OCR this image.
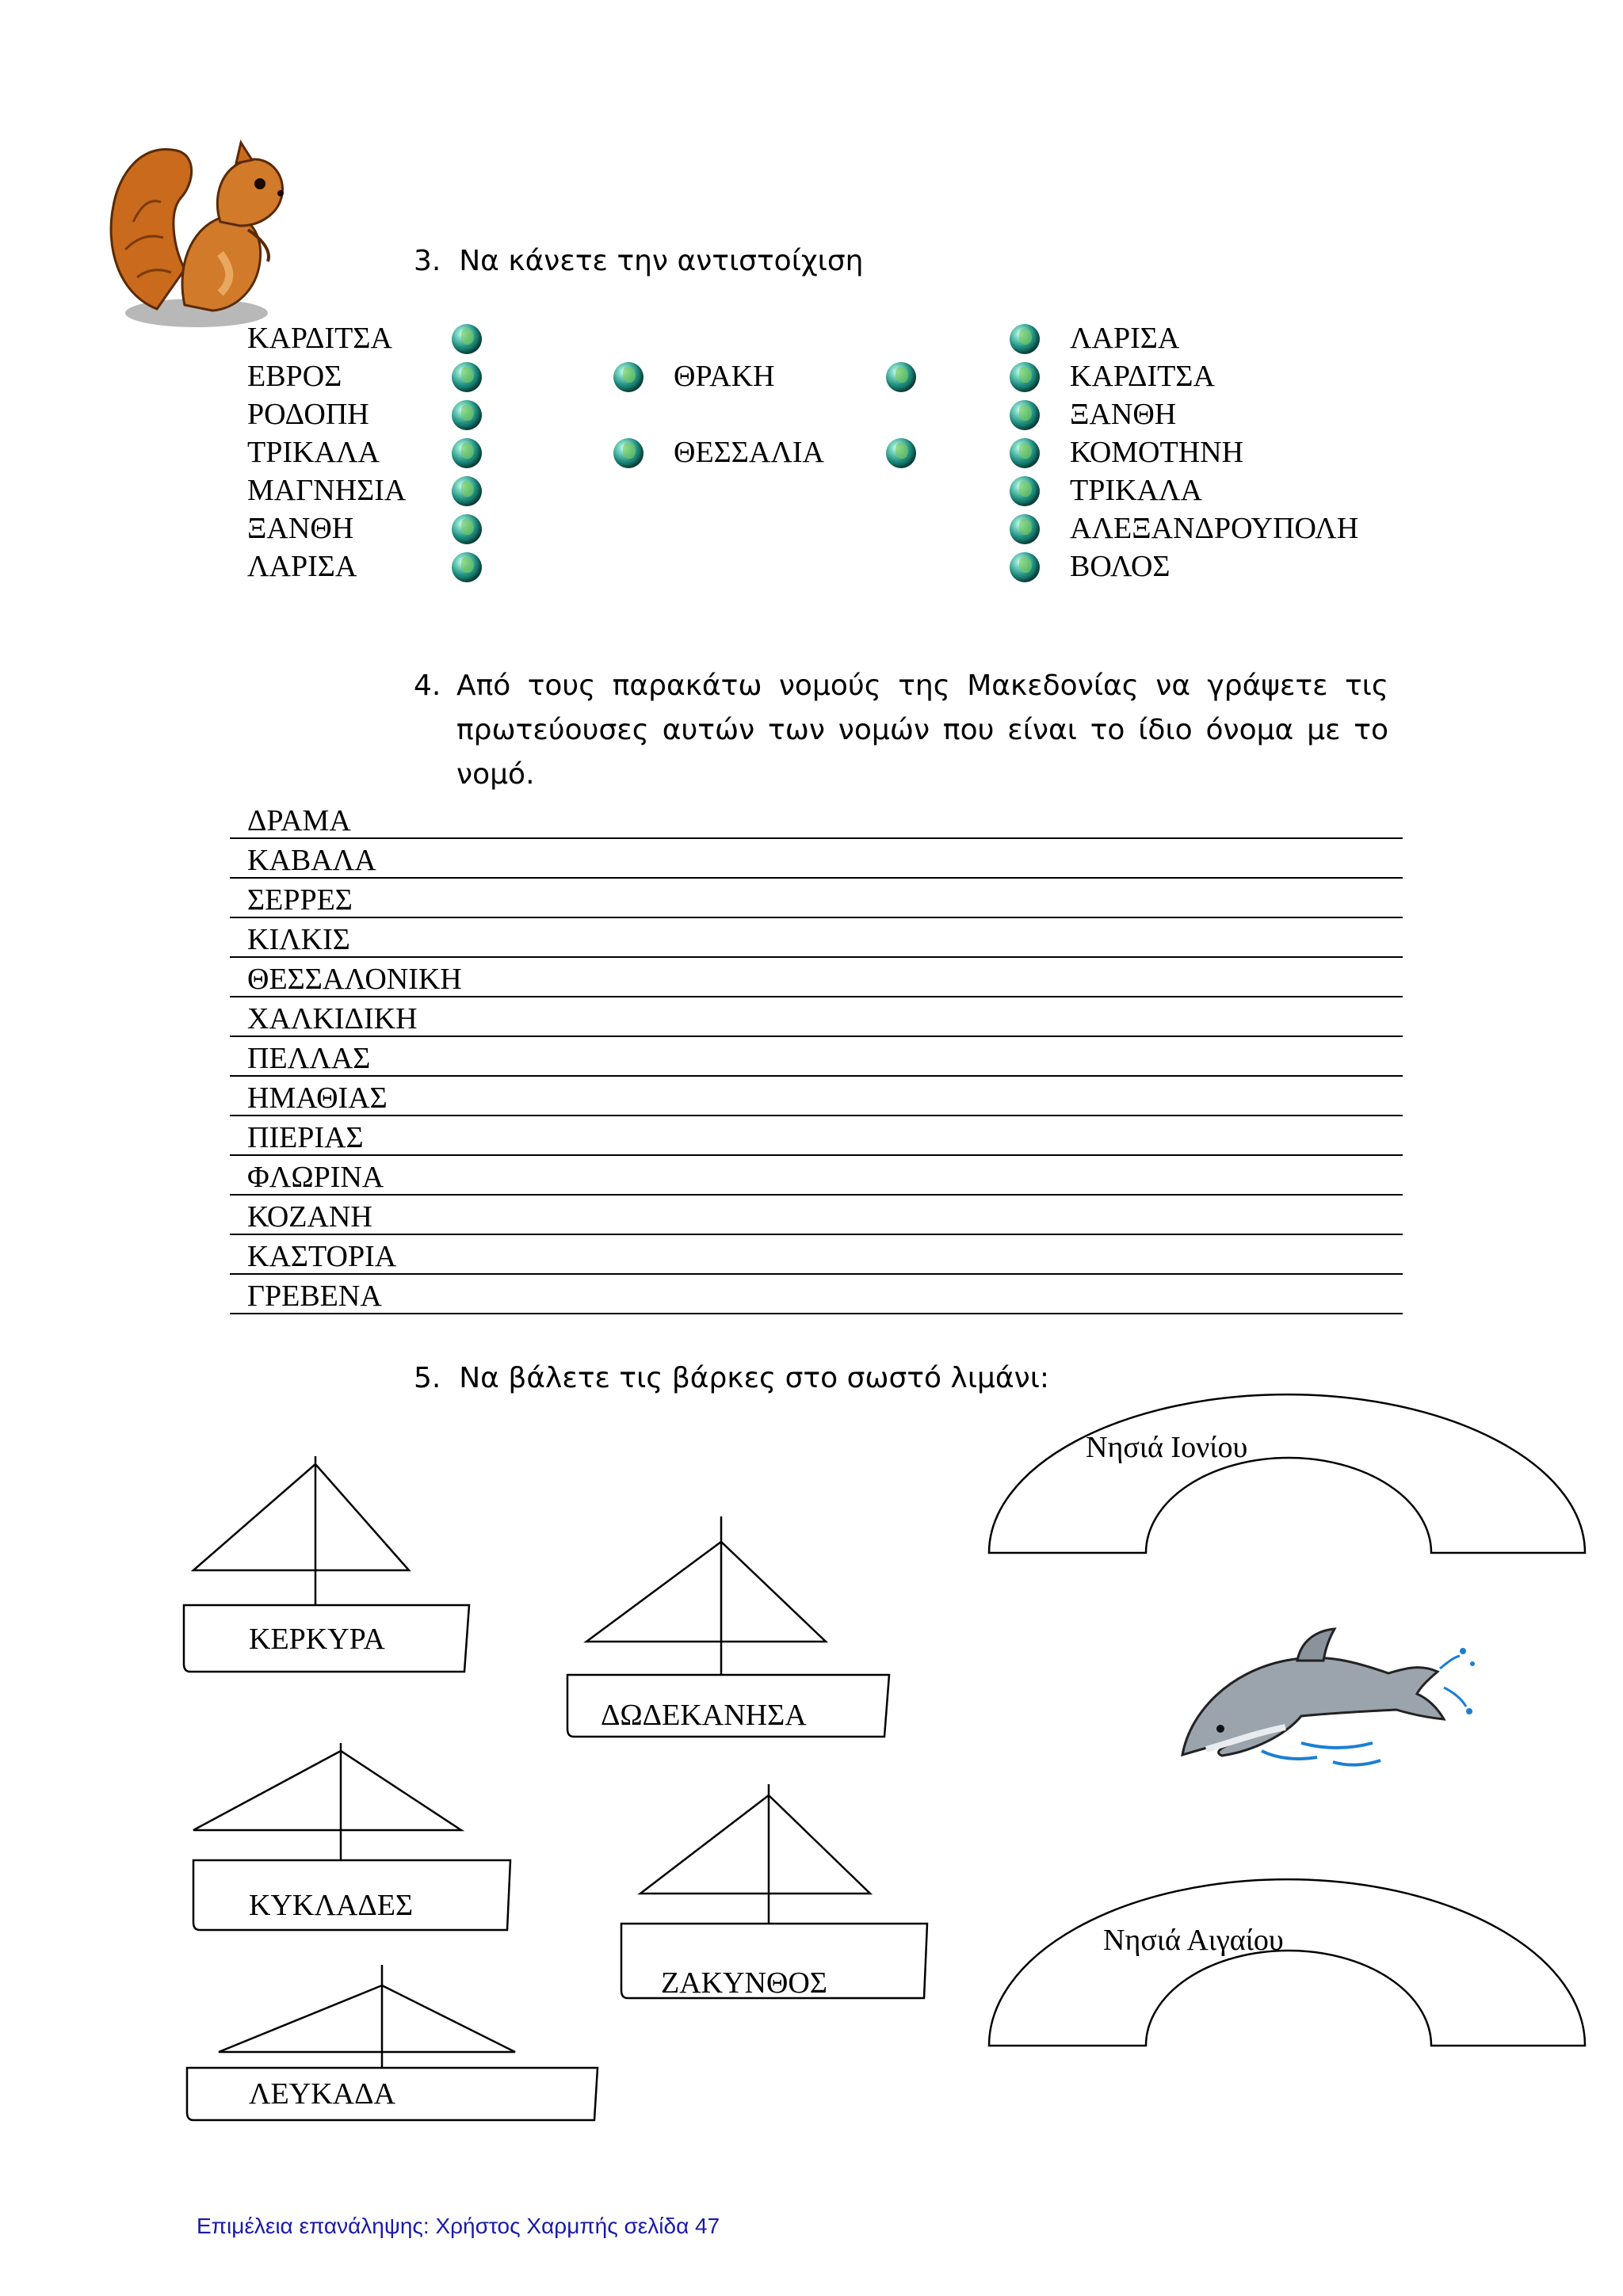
3. Να κάνετε την αντιστοίχιση
ΚΑΡΔΙΤΣΑ
ΕΒΡΟΣ
ΡΟΔΟΠΗ
ΤΡΙΚΑΛΑ
ΜΑΓΝΗΣΙΑ
ΞΑΝΘΗ
ΛΑΡΙΣΑ
ΘΡΑΚΗ
ΘΕΣΣΑΛΙΑ
ΛΑΡΙΣΑ
ΚΑΡΔΙΤΣΑ
ΞΑΝΘΗ
ΚΟΜΟΤΗΝΗ
ΤΡΙΚΑΛΑ
ΑΛΕΞΑΝΔΡΟΥΠΟΛΗ
ΒΟΛΟΣ
4. Από τους παρακάτω νομούς της Μακεδονίας να γράψετε τις πρωτεύουσες αυτών των νομών που είναι το ίδιο όνομα με το νομό.
ΔΡΑΜΑ
ΚΑΒΑΛΑ
ΣΕΡΡΕΣ
ΚΙΛΚΙΣ
ΘΕΣΣΑΛΟΝΙΚΗ
ΧΑΛΚΙΔΙΚΗ
ΠΕΛΛΑΣ
ΗΜΑΘΙΑΣ
ΠΙΕΡΙΑΣ
ΦΛΩΡΙΝΑ
ΚΟΖΑΝΗ
ΚΑΣΤΟΡΙΑ
ΓΡΕΒΕΝΑ
5. Να βάλετε τις βάρκες στο σωστό λιμάνι:
ΚΕΡΚΥΡΑ
ΔΩΔΕΚΑΝΗΣΑ
ΚΥΚΛΑΔΕΣ
ΖΑΚΥΝΘΟΣ
ΛΕΥΚΑΔΑ
Νησιά Ιονίου
Νησιά Αιγαίου
Επιμέλεια επανάληψης: Χρήστος Χαρμπής σελίδα 47
